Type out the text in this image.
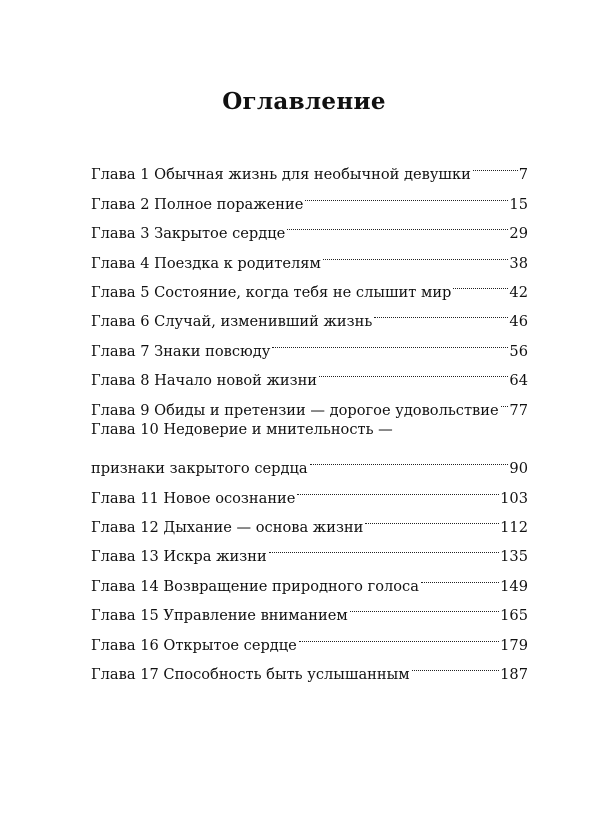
Оглавление
Глава 1 Обычная жизнь для необычной девушки	7
Глава 2 Полное поражение	15
Глава 3 Закрытое сердце	29
Глава 4 Поездка к родителям	38
Глава 5 Состояние, когда тебя не слышит мир	42
Глава 6 Случай, изменивший жизнь	46
Глава 7 Знаки повсюду	56
Глава 8 Начало новой жизни	64
Глава 9 Обиды и претензии — дорогое удовольствие 77
Глава 10 Недоверие и мнительность —
признаки закрытого сердца	90
Глава 11 Новое осознание	103
Глава 12 Дыхание — основа жизни	112
Глава 13 Искра жизни	135
Глава 14 Возвращение природного голоса	149
Глава 15 Управление вниманием	165
Глава 16 Открытое сердце	179
Глава 17 Способность быть услышанным	187
